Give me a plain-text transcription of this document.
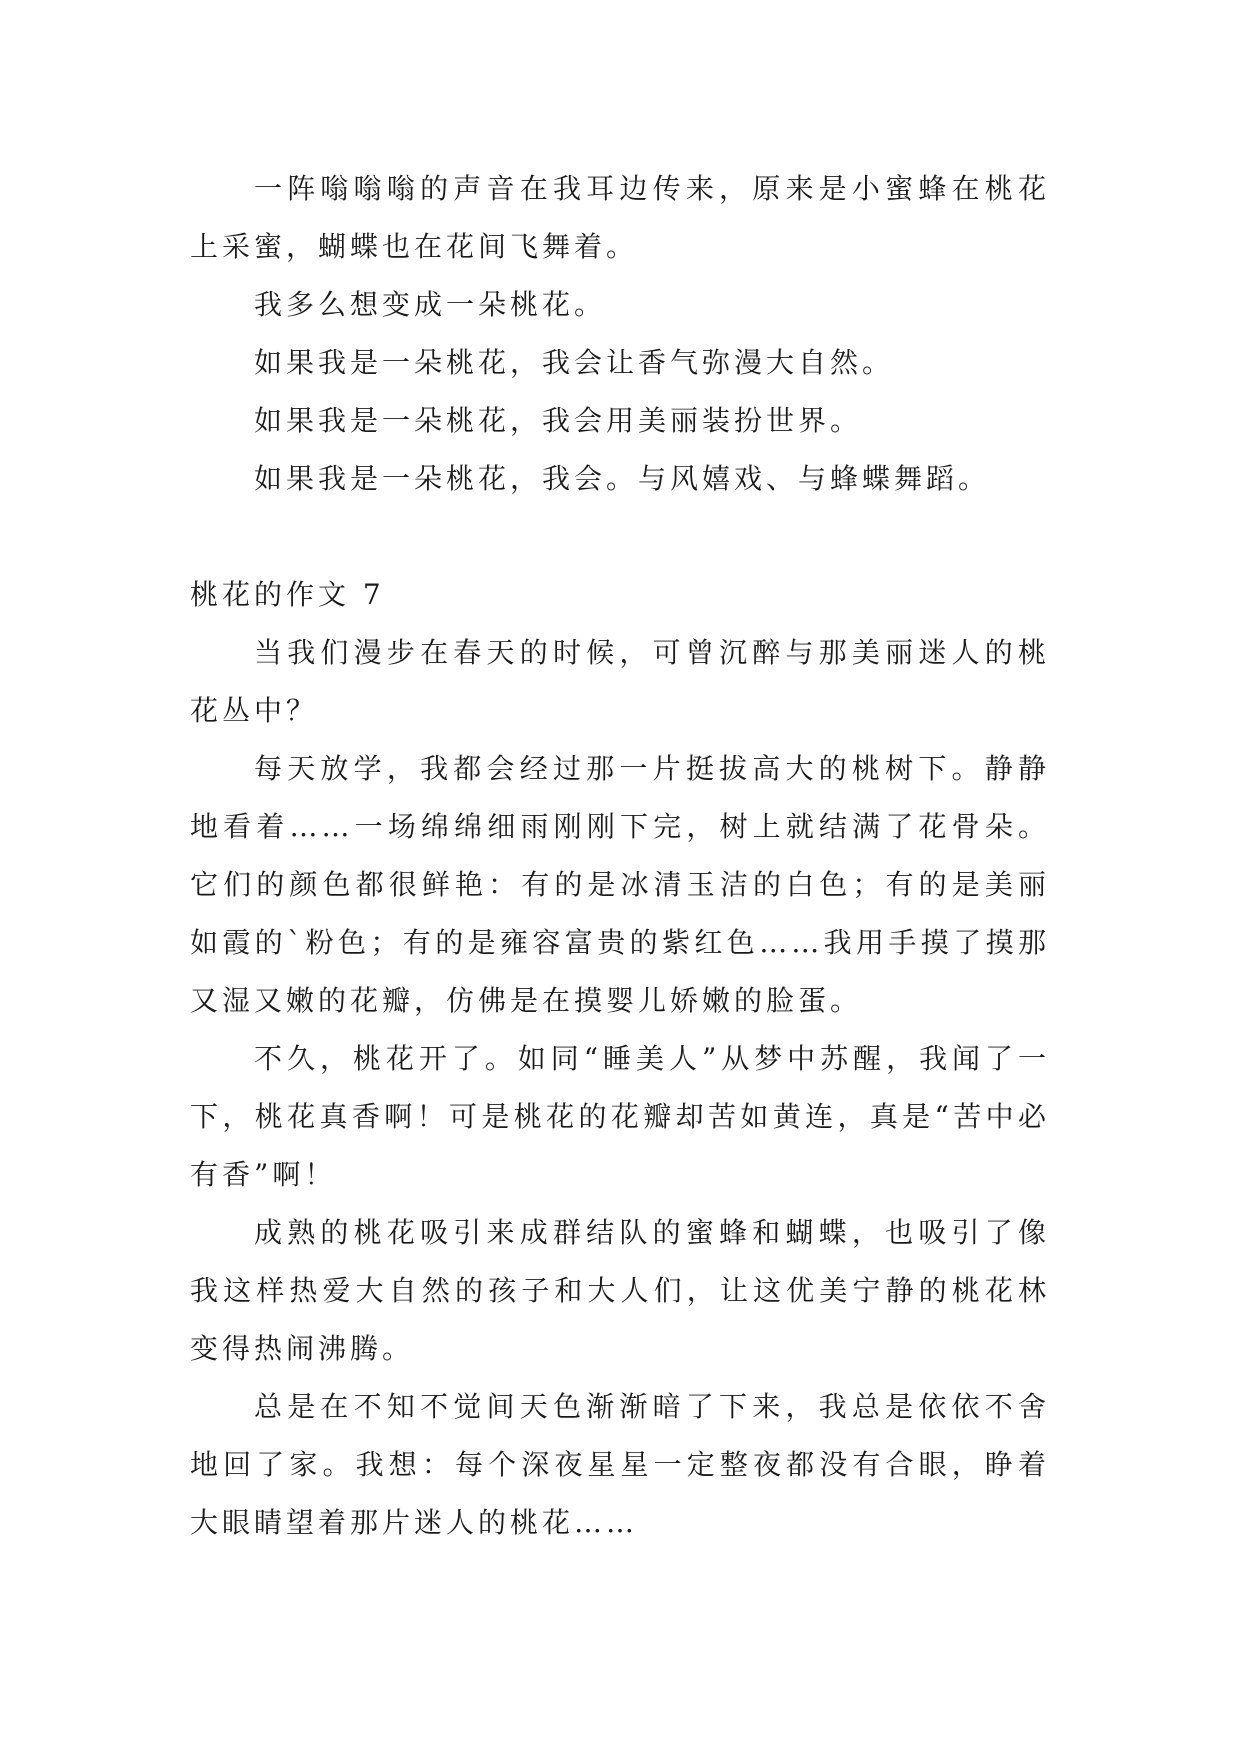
一阵嗡嗡嗡的声音在我耳边传来，原来是小蜜蜂在桃花上采蜜，蝴蝶也在花间飞舞着。

我多么想变成一朵桃花。

如果我是一朵桃花，我会让香气弥漫大自然。

如果我是一朵桃花，我会用美丽装扮世界。

如果我是一朵桃花，我会。与风嬉戏、与蜂蝶舞蹈。

桃花的作文 7

当我们漫步在春天的时候，可曾沉醉与那美丽迷人的桃花丛中？

每天放学，我都会经过那一片挺拔高大的桃树下。静静地看着……一场绵绵细雨刚刚下完，树上就结满了花骨朵。它们的颜色都很鲜艳：有的是冰清玉洁的白色；有的是美丽如霞的`粉色；有的是雍容富贵的紫红色……我用手摸了摸那又湿又嫩的花瓣，仿佛是在摸婴儿娇嫩的脸蛋。

不久，桃花开了。如同“睡美人”从梦中苏醒，我闻了一下，桃花真香啊！可是桃花的花瓣却苦如黄连，真是“苦中必有香”啊！

成熟的桃花吸引来成群结队的蜜蜂和蝴蝶，也吸引了像我这样热爱大自然的孩子和大人们，让这优美宁静的桃花林变得热闹沸腾。

总是在不知不觉间天色渐渐暗了下来，我总是依依不舍地回了家。我想：每个深夜星星一定整夜都没有合眼，睁着大眼睛望着那片迷人的桃花……
